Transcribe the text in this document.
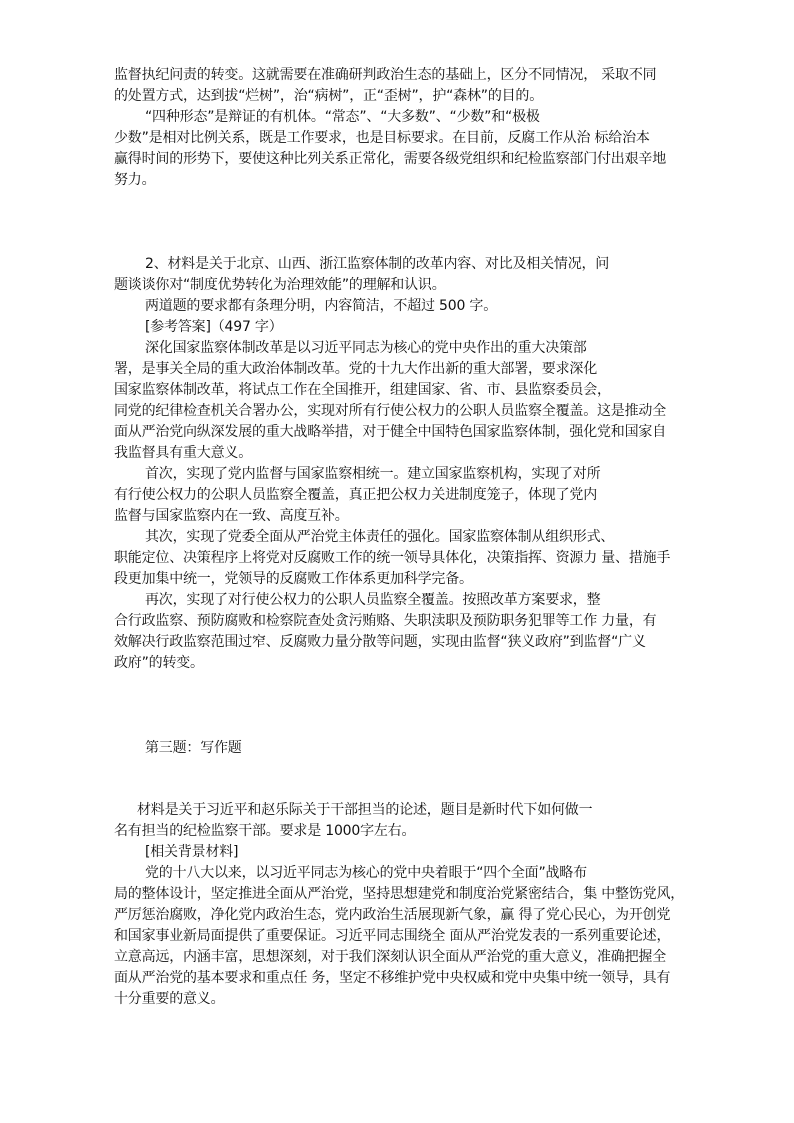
监督执纪问责的转变。这就需要在准确研判政治生态的基础上，区分不同情况， 采取不同
的处置方式，达到拔“烂树”，治“病树”，正“歪树”，护“森林”的目的。
“四种形态”是辩证的有机体。“常态”、“大多数”、“少数”和“极极
少数”是相对比例关系，既是工作要求，也是目标要求。在目前，反腐工作从治 标给治本
赢得时间的形势下，要使这种比列关系正常化，需要各级党组织和纪检监察部门付出艰辛地
努力。
2、材料是关于北京、山西、浙江监察体制的改革内容、对比及相关情况，问
题谈谈你对“制度优势转化为治理效能”的理解和认识。
两道题的要求都有条理分明，内容简洁，不超过 500 字。
[参考答案]（497 字）
深化国家监察体制改革是以习近平同志为核心的党中央作出的重大决策部
署，是事关全局的重大政治体制改革。党的十九大作出新的重大部署，要求深化
国家监察体制改革，将试点工作在全国推开，组建国家、省、市、县监察委员会，
同党的纪律检查机关合署办公，实现对所有行使公权力的公职人员监察全覆盖。这是推动全
面从严治党向纵深发展的重大战略举措，对于健全中国特色国家监察体制，强化党和国家自
我监督具有重大意义。
首次，实现了党内监督与国家监察相统一。建立国家监察机构，实现了对所
有行使公权力的公职人员监察全覆盖，真正把公权力关进制度笼子，体现了党内
监督与国家监察内在一致、高度互补。
其次，实现了党委全面从严治党主体责任的强化。国家监察体制从组织形式、
职能定位、决策程序上将党对反腐败工作的统一领导具体化，决策指挥、资源力 量、措施手
段更加集中统一，党领导的反腐败工作体系更加科学完备。
再次，实现了对行使公权力的公职人员监察全覆盖。按照改革方案要求，整
合行政监察、预防腐败和检察院查处贪污贿赂、失职渎职及预防职务犯罪等工作 力量，有
效解决行政监察范围过窄、反腐败力量分散等问题，实现由监督“狭义政府”到监督“广义
政府”的转变。
第三题：写作题
材料是关于习近平和赵乐际关于干部担当的论述，题目是新时代下如何做一
名有担当的纪检监察干部。要求是 1000字左右。
[相关背景材料]
党的十八大以来，以习近平同志为核心的党中央着眼于“四个全面”战略布
局的整体设计，坚定推进全面从严治党，坚持思想建党和制度治党紧密结合，集 中整饬党风，
严厉惩治腐败，净化党内政治生态，党内政治生活展现新气象，赢 得了党心民心，为开创党
和国家事业新局面提供了重要保证。习近平同志围绕全 面从严治党发表的一系列重要论述，
立意高远，内涵丰富，思想深刻，对于我们深刻认识全面从严治党的重大意义，准确把握全
面从严治党的基本要求和重点任 务，坚定不移维护党中央权威和党中央集中统一领导，具有
十分重要的意义。
